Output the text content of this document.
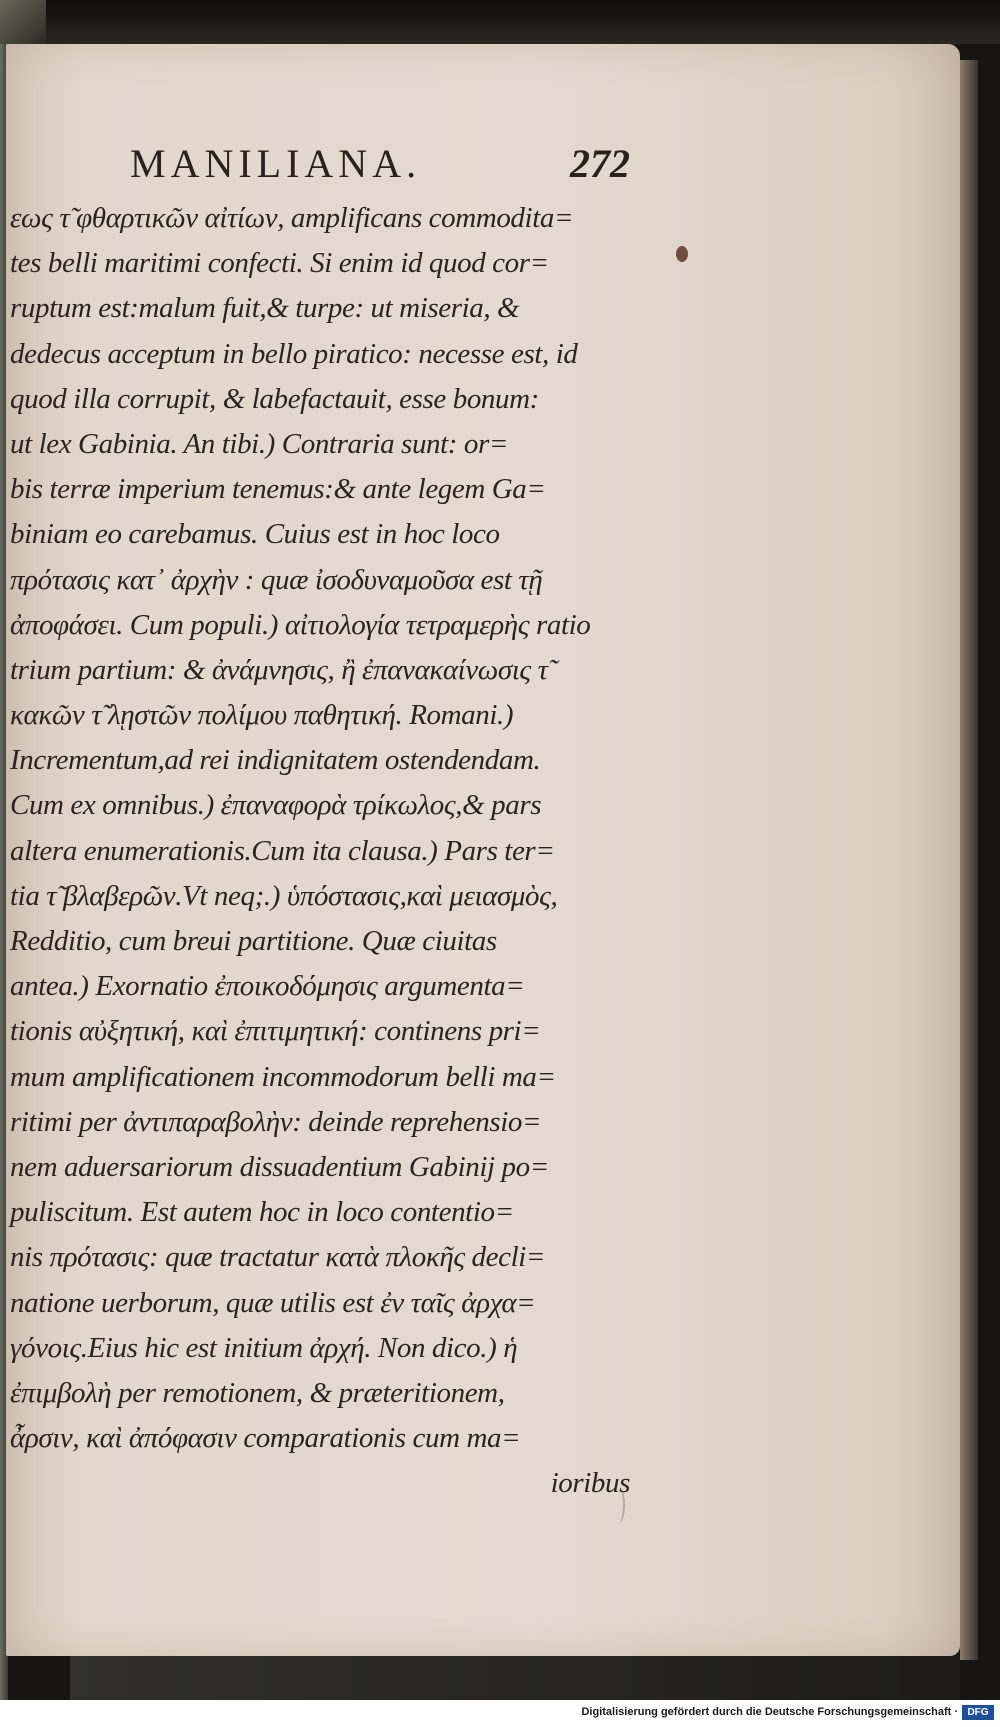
MANILIANA.	272
εως τ̃ φθαρτικῶν αἰτίων, amplificans commodita=
tes belli maritimi confecti. Si enim id quod cor=
ruptum est:malum fuit,& turpe: ut miseria, &
dedecus acceptum in bello piratico: necesse est, id
quod illa corrupit, & labefactauit, esse bonum:
ut lex Gabinia. An tibi.) Contraria sunt: or=
bis terræ imperium tenemus:& ante legem Ga=
biniam eo carebamus. Cuius est in hoc loco
πρότασις κατ᾽ ἀρχὴν : quæ ἰσοδυναμοῦσα est τῇ
ἀποφάσει. Cum populi.) αἰτιολογία τετραμερὴς ratio
trium partium: & ἀνάμνησις, ἢ ἐπανακαίνωσις τ̃
κακῶν τ̃ λῃστῶν πολίμου παθητική. Romani.)
Incrementum,ad rei indignitatem ostendendam.
Cum ex omnibus.) ἐπαναφορὰ τρίκωλος,& pars
altera enumerationis.Cum ita clausa.) Pars ter=
tia τ̃ βλαβερῶν.Vt neq;.) ὑπόστασις,καὶ μειασμὸς,
Redditio, cum breui partitione. Quæ ciuitas
antea.) Exornatio ἐποικοδόμησις argumenta=
tionis αὐξητική, καὶ ἐπιτιμητική: continens pri=
mum amplificationem incommodorum belli ma=
ritimi per ἀντιπαραβολὴν: deinde reprehensio=
nem aduersariorum dissuadentium Gabinij po=
puliscitum. Est autem hoc in loco contentio=
nis πρότασις: quæ tractatur κατὰ πλοκῆς decli=
natione uerborum, quæ utilis est ἐν ταῖς ἀρχα=
γόνοις.Eius hic est initium ἀρχή. Non dico.) ἡ
ἐπιμβολὴ per remotionem, & præteritionem,
ἆρσιν, καὶ ἀπόφασιν comparationis cum ma=
ioribus
Digitalisierung gefördert durch die Deutsche Forschungsgemeinschaft · DFG
